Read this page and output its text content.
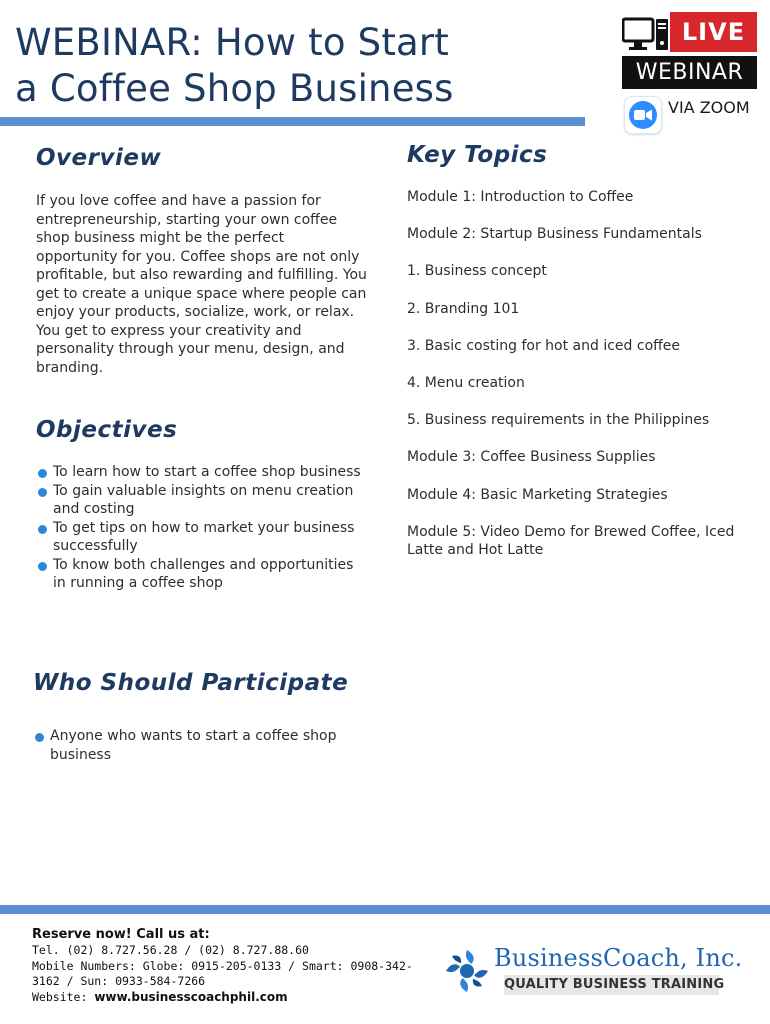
WEBINAR: How to Start
a Coffee Shop Business
LIVE
WEBINAR
VIA ZOOM
Overview

If you love coffee and have a passion for entrepreneurship, starting your own coffee shop business might be the perfect opportunity for you. Coffee shops are not only profitable, but also rewarding and fulfilling. You get to create a unique space where people can enjoy your products, socialize, work, or relax. You get to express your creativity and personality through your menu, design, and branding.

Objectives
To learn how to start a coffee shop business
To gain valuable insights on menu creation and costing
To get tips on how to market your business successfully
To know both challenges and opportunities in running a coffee shop
Who Should Participate
Anyone who wants to start a coffee shop business
Key Topics
Module 1: Introduction to Coffee
Module 2: Startup Business Fundamentals
1. Business concept
2. Branding 101
3. Basic costing for hot and iced coffee
4. Menu creation
5. Business requirements in the Philippines
Module 3: Coffee Business Supplies
Module 4: Basic Marketing Strategies
Module 5: Video Demo for Brewed Coffee, Iced Latte and Hot Latte
Reserve now! Call us at:
Tel. (02) 8.727.56.28 / (02) 8.727.88.60
Mobile Numbers: Globe: 0915-205-0133 / Smart: 0908-342-3162 / Sun: 0933-584-7266
Website: www.businesscoachphil.com
BusinessCoach, Inc.
QUALITY BUSINESS TRAINING
